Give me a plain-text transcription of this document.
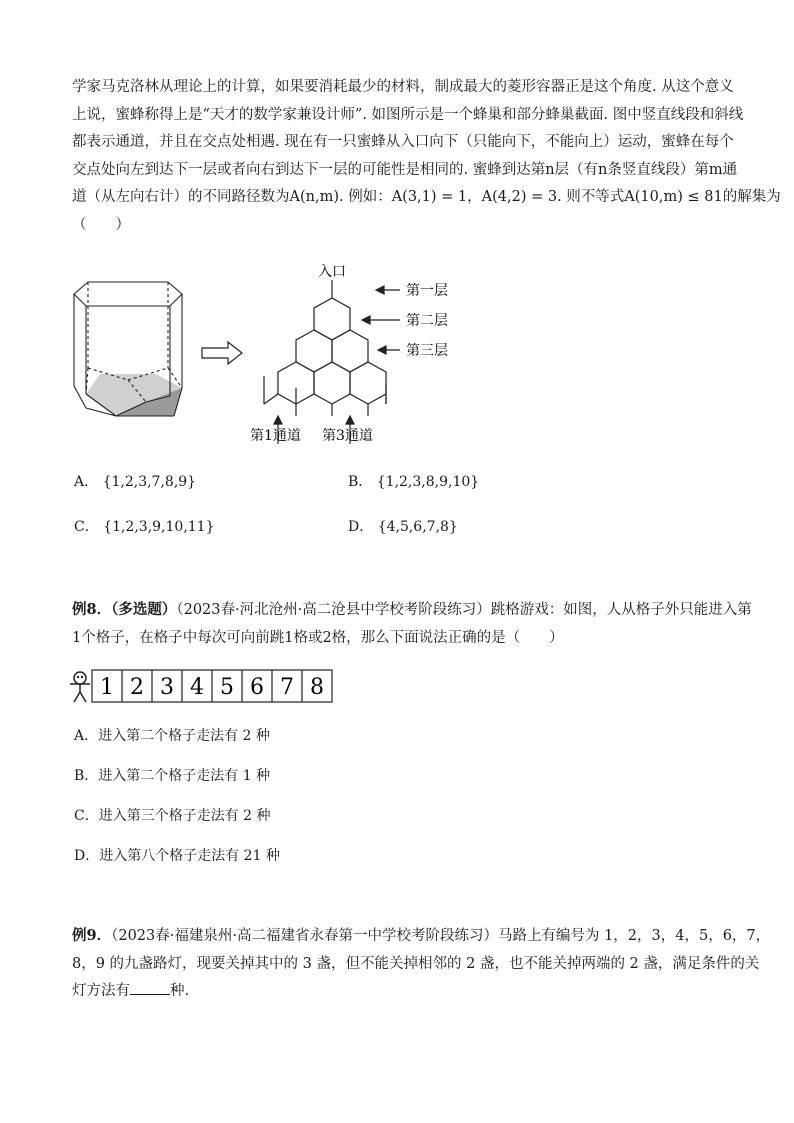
学家马克洛林从理论上的计算，如果要消耗最少的材料，制成最大的菱形容器正是这个角度. 从这个意义
上说，蜜蜂称得上是“天才的数学家兼设计师”. 如图所示是一个蜂巢和部分蜂巢截面. 图中竖直线段和斜线
都表示通道，并且在交点处相遇. 现在有一只蜜蜂从入口向下（只能向下，不能向上）运动，蜜蜂在每个
交点处向左到达下一层或者向右到达下一层的可能性是相同的. 蜜蜂到达第n层（有n条竖直线段）第m通
道（从左向右计）的不同路径数为A(n,m). 例如：A(3,1) = 1，A(4,2) = 3. 则不等式A(10,m) ≤ 81的解集为
（　　）
入口
第一层
第二层
第三层
第1通道 第3通道
A． {1,2,3,7,8,9}	B． {1,2,3,8,9,10}
C． {1,2,3,9,10,11}	D． {4,5,6,7,8}
例8．（多选题）（2023春·河北沧州·高二沧县中学校考阶段练习）跳格游戏：如图，人从格子外只能进入第
1个格子，在格子中每次可向前跳1格或2格，那么下面说法正确的是（　　）
1 2 3 4 5 6 7 8
A．进入第二个格子走法有 2 种
B．进入第二个格子走法有 1 种
C．进入第三个格子走法有 2 种
D．进入第八个格子走法有 21 种
例9．（2023春·福建泉州·高二福建省永春第一中学校考阶段练习）马路上有编号为 1，2，3，4，5，6，7，
8，9 的九盏路灯，现要关掉其中的 3 盏，但不能关掉相邻的 2 盏，也不能关掉两端的 2 盏，满足条件的关
灯方法有	种.
